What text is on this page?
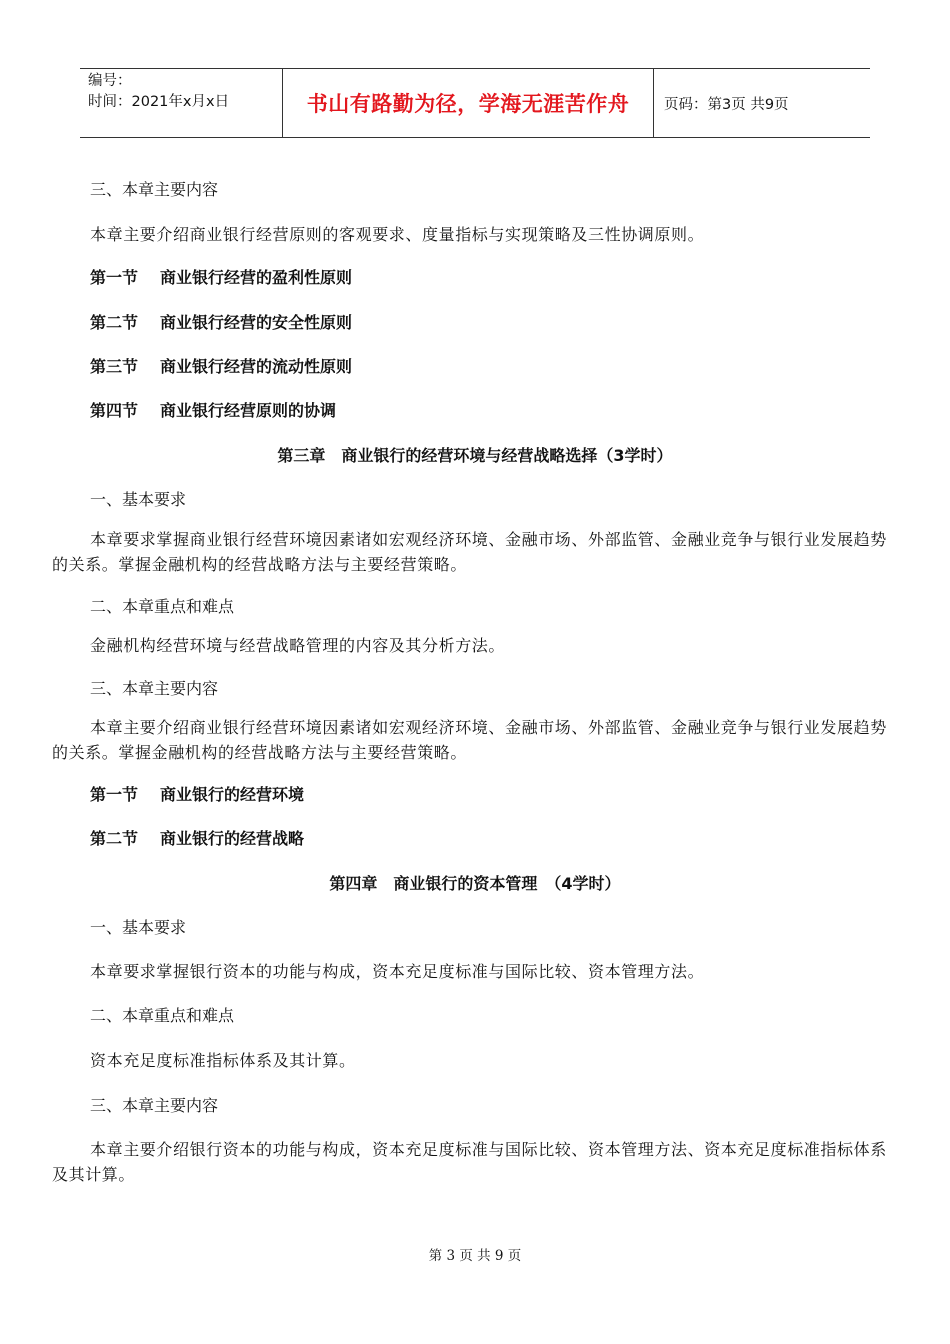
编号：
时间：2021年x月x日	书山有路勤为径，学海无涯苦作舟	页码：第3页 共9页
三、本章主要内容
本章主要介绍商业银行经营原则的客观要求、度量指标与实现策略及三性协调原则。
第一节 商业银行经营的盈利性原则
第二节 商业银行经营的安全性原则
第三节 商业银行经营的流动性原则
第四节 商业银行经营原则的协调
第三章　商业银行的经营环境与经营战略选择（3学时）
一、基本要求
本章要求掌握商业银行经营环境因素诸如宏观经济环境、金融市场、外部监管、金融业竞争与银行业发展趋势的关系。掌握金融机构的经营战略方法与主要经营策略。
二、本章重点和难点
金融机构经营环境与经营战略管理的内容及其分析方法。
三、本章主要内容
本章主要介绍商业银行经营环境因素诸如宏观经济环境、金融市场、外部监管、金融业竞争与银行业发展趋势的关系。掌握金融机构的经营战略方法与主要经营策略。
第一节 商业银行的经营环境
第二节 商业银行的经营战略
第四章　商业银行的资本管理　（4学时）
一、基本要求
本章要求掌握银行资本的功能与构成，资本充足度标准与国际比较、资本管理方法。
二、本章重点和难点
资本充足度标准指标体系及其计算。
三、本章主要内容
本章主要介绍银行资本的功能与构成，资本充足度标准与国际比较、资本管理方法、资本充足度标准指标体系及其计算。
第 3 页 共 9 页
